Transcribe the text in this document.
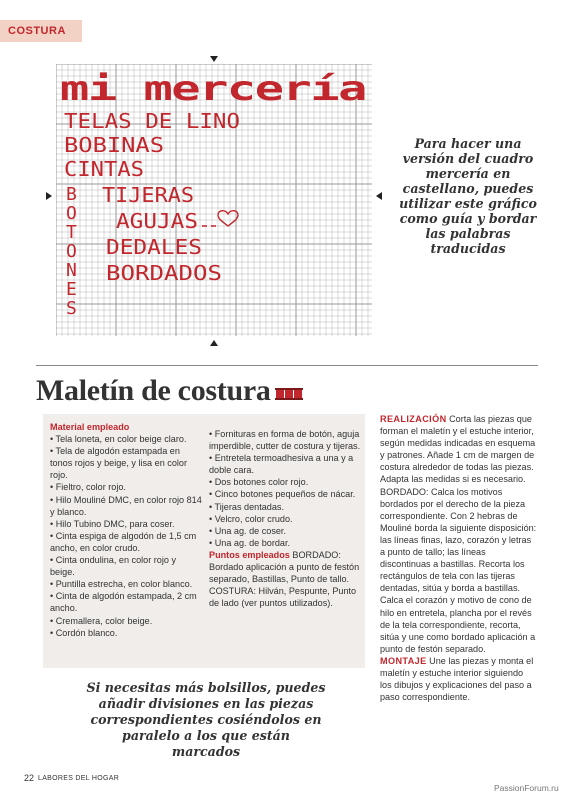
COSTURA
mi mercería
TELAS DE LINO
BOBINAS
CINTAS
TIJERAS
AGUJAS
DEDALES
BORDADOS
B
O
T
O
N
E
S
Para hacer una versión del cuadro mercería en castellano, puedes utilizar este gráfico como guía y bordar las palabras traducidas
Maletín de costura
Material empleado
• Tela loneta, en color beige claro.
• Tela de algodón estampada en tonos rojos y beige, y lisa en color rojo.
• Fieltro, color rojo.
• Hilo Mouliné DMC, en color rojo 814 y blanco.
• Hilo Tubino DMC, para coser.
• Cinta espiga de algodón de 1,5 cm ancho, en color crudo.
• Cinta ondulina, en color rojo y beige.
• Puntilla estrecha, en color blanco.
• Cinta de algodón estampada, 2 cm ancho.
• Cremallera, color beige.
• Cordón blanco.
• Fornituras en forma de botón, aguja imperdible, cutter de costura y tijeras.
• Entretela termoadhesiva a una y a doble cara.
• Dos botones color rojo.
• Cinco botones pequeños de nácar.
• Tijeras dentadas.
• Velcro, color crudo.
• Una ag. de coser.
• Una ag. de bordar.
Puntos empleados BORDADO: Bordado aplicación a punto de festón separado, Bastillas, Punto de tallo. COSTURA: Hilván, Pespunte, Punto de lado (ver puntos utilizados).
Si necesitas más bolsillos, puedes añadir divisiones en las piezas correspondientes cosiéndolos en paralelo a los que están marcados

REALIZACIÓN Corta las piezas que forman el maletín y el estuche interior, según medidas indicadas en esquema y patrones. Añade 1 cm de margen de costura alrededor de todas las piezas. Adapta las medidas si es necesario. BORDADO: Calca los motivos bordados por el derecho de la pieza correspondiente. Con 2 hebras de Mouliné borda la siguiente disposición: las líneas finas, lazo, corazón y letras a punto de tallo; las líneas discontinuas a bastillas. Recorta los rectángulos de tela con las tijeras dentadas, sitúa y borda a bastillas. Calca el corazón y motivo de cono de hilo en entretela, plancha por el revés de la tela correspondiente, recorta, sitúa y une como bordado aplicación a punto de festón separado.

MONTAJE Une las piezas y monta el maletín y estuche interior siguiendo los dibujos y explicaciones del paso a paso correspondiente.

22 LABORES DEL HOGAR
PassionForum.ru
